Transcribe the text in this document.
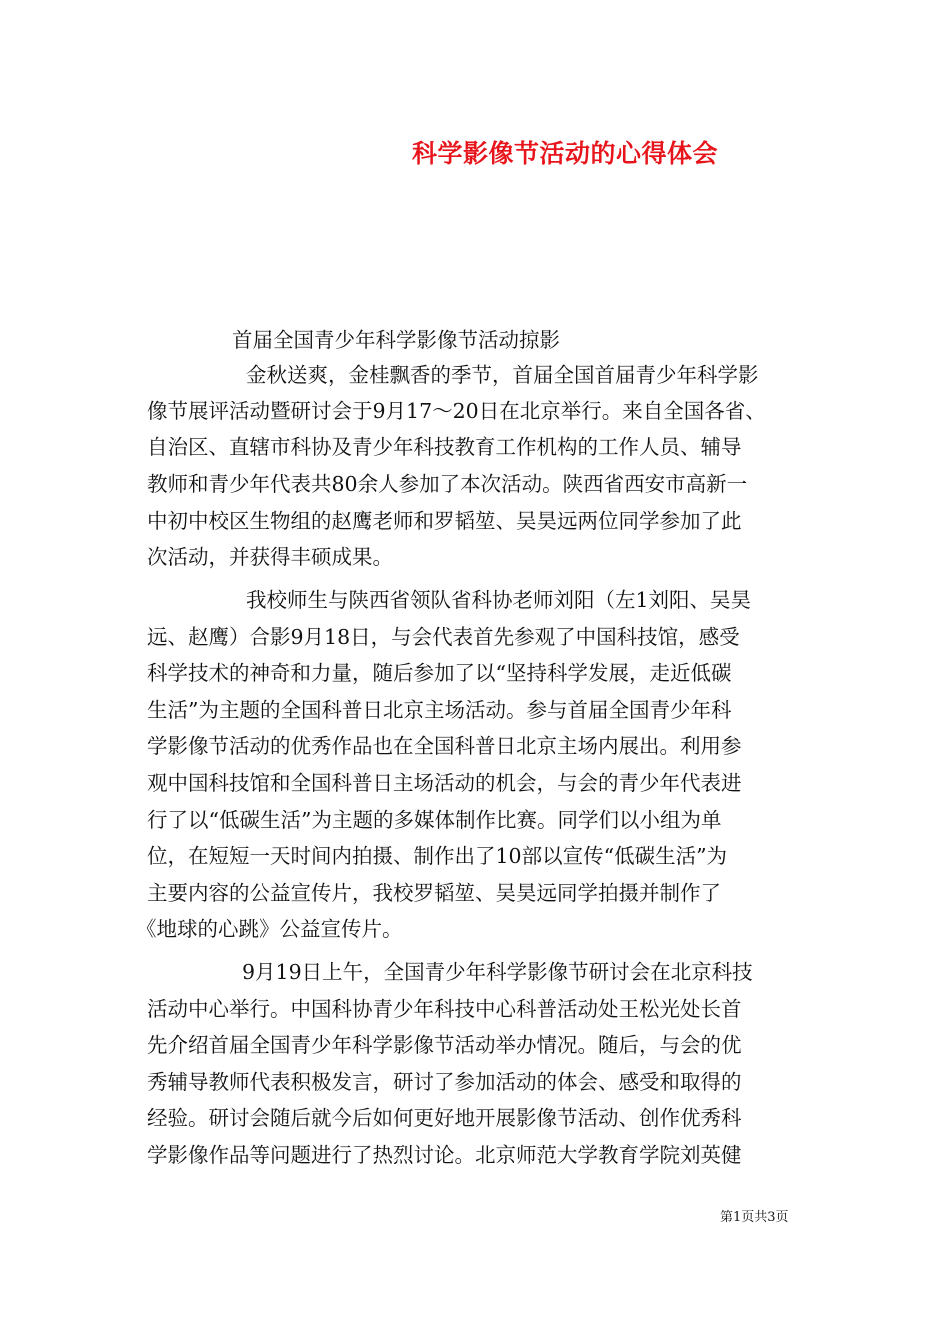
科学影像节活动的心得体会
首届全国青少年科学影像节活动掠影
金秋送爽，金桂飘香的季节，首届全国首届青少年科学影
像节展评活动暨研讨会于9月17～20日在北京举行。来自全国各省、
自治区、直辖市科协及青少年科技教育工作机构的工作人员、辅导
教师和青少年代表共80余人参加了本次活动。陕西省西安市高新一
中初中校区生物组的赵鹰老师和罗韬堃、吴昊远两位同学参加了此
次活动，并获得丰硕成果。
我校师生与陕西省领队省科协老师刘阳（左1刘阳、吴昊
远、赵鹰）合影9月18日，与会代表首先参观了中国科技馆，感受
科学技术的神奇和力量，随后参加了以“坚持科学发展，走近低碳
生活”为主题的全国科普日北京主场活动。参与首届全国青少年科
学影像节活动的优秀作品也在全国科普日北京主场内展出。利用参
观中国科技馆和全国科普日主场活动的机会，与会的青少年代表进
行了以“低碳生活”为主题的多媒体制作比赛。同学们以小组为单
位，在短短一天时间内拍摄、制作出了10部以宣传“低碳生活”为
主要内容的公益宣传片，我校罗韬堃、吴昊远同学拍摄并制作了
《地球的心跳》公益宣传片。
9月19日上午，全国青少年科学影像节研讨会在北京科技
活动中心举行。中国科协青少年科技中心科普活动处王松光处长首
先介绍首届全国青少年科学影像节活动举办情况。随后，与会的优
秀辅导教师代表积极发言，研讨了参加活动的体会、感受和取得的
经验。研讨会随后就今后如何更好地开展影像节活动、创作优秀科
学影像作品等问题进行了热烈讨论。北京师范大学教育学院刘英健
第1页共3页
